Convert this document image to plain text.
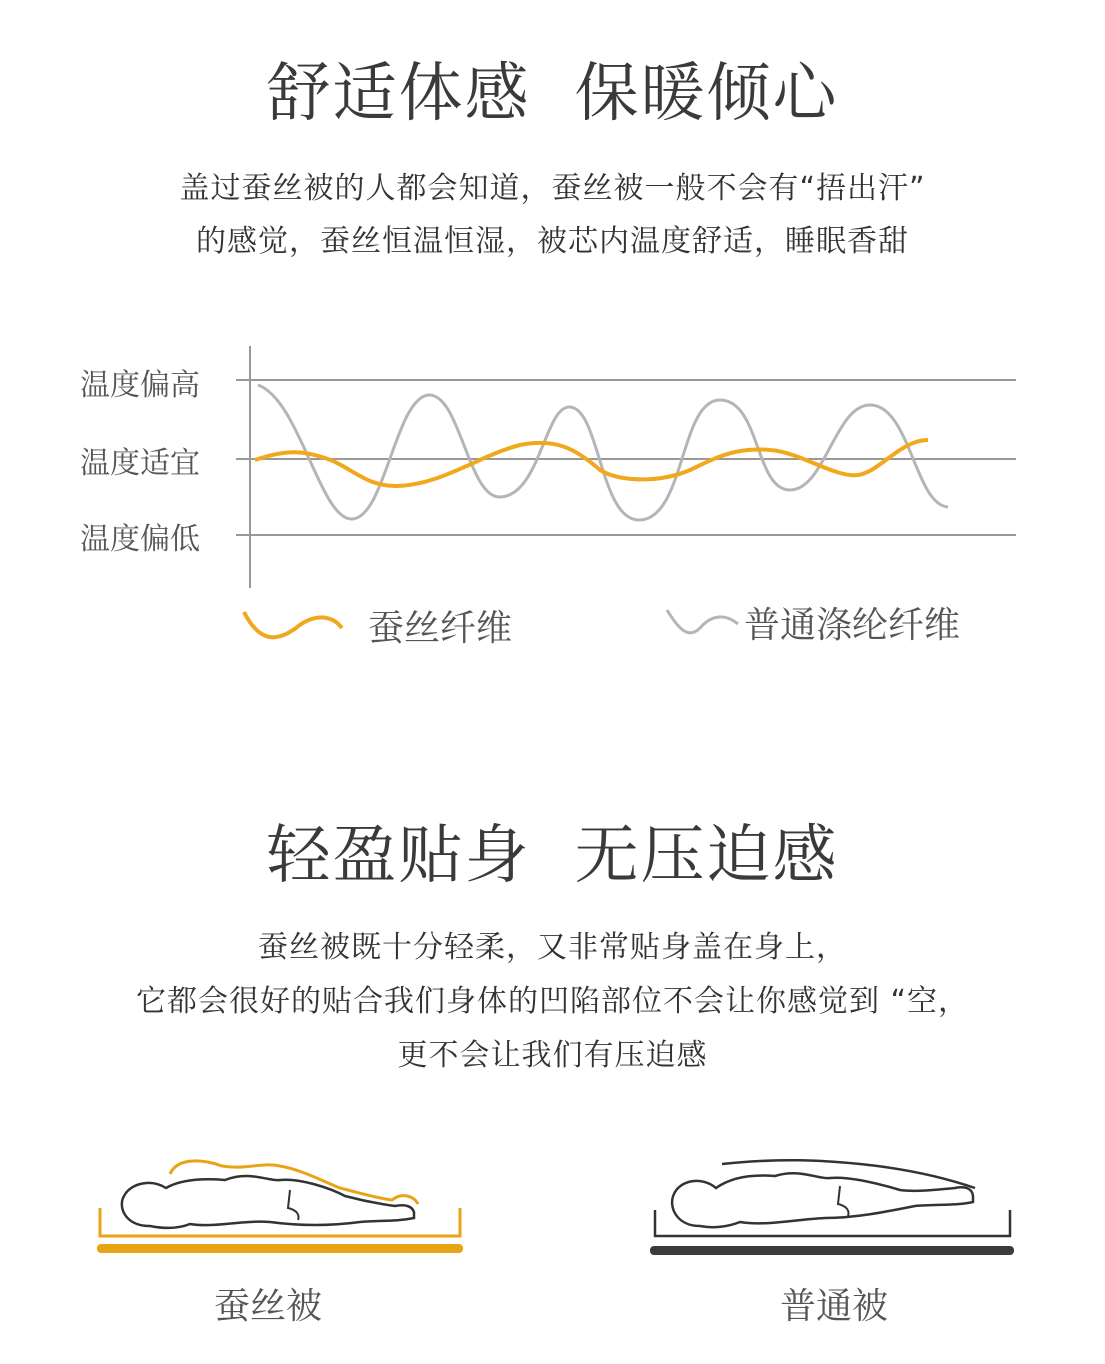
舒适体感 保暖倾心
盖过蚕丝被的人都会知道，蚕丝被一般不会有“捂出汗”
的感觉，蚕丝恒温恒湿，被芯内温度舒适，睡眠香甜
温度偏高
温度适宜
温度偏低
蚕丝纤维	普通涤纶纤维
轻盈贴身 无压迫感
蚕丝被既十分轻柔，又非常贴身盖在身上，
它都会很好的贴合我们身体的凹陷部位不会让你感觉到 “空，
更不会让我们有压迫感
蚕丝被	普通被
